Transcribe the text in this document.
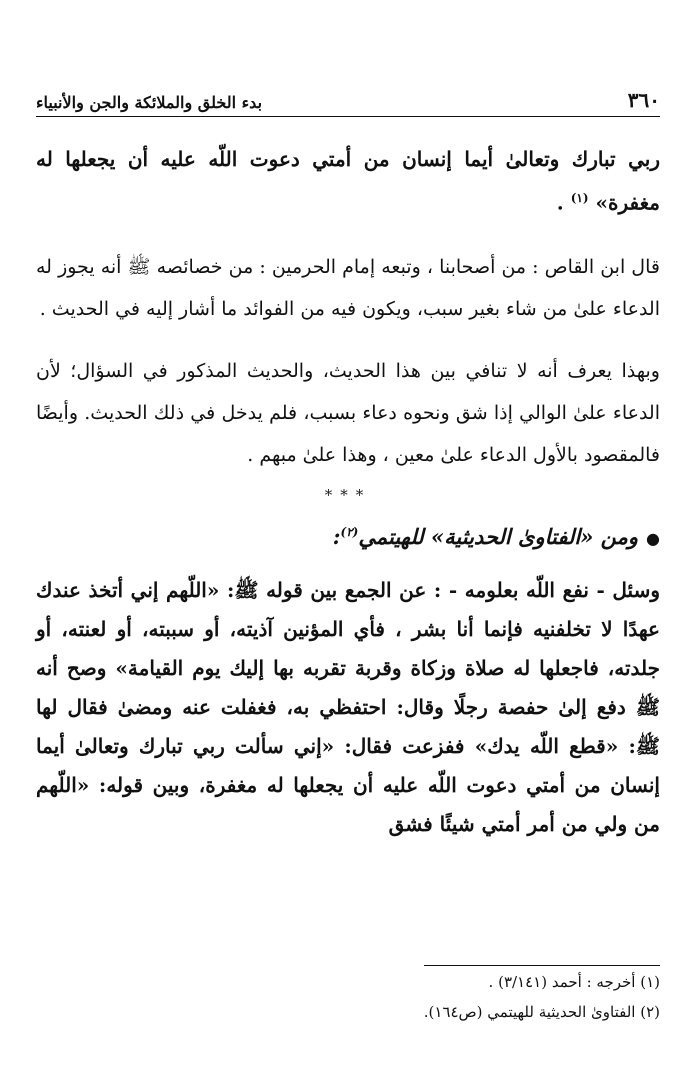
٣٦٠
بدء الخلق والملائكة والجن والأنبياء

ربي تبارك وتعالىٰ أيما إنسان من أمتي دعوت اللّه عليه أن يجعلها له مغفرة» $^{(١)}$ .

قال ابن القاص : من أصحابنا ، وتبعه إمام الحرمين : من خصائصه ﷺ أنه يجوز له الدعاء علىٰ من شاء بغير سبب، ويكون فيه من الفوائد ما أشار إليه في الحديث .

وبهذا يعرف أنه لا تنافي بين هذا الحديث، والحديث المذكور في السؤال؛ لأن الدعاء علىٰ الوالي إذا شق ونحوه دعاء بسبب، فلم يدخل في ذلك الحديث. وأيضًا فالمقصود بالأول الدعاء علىٰ معين ، وهذا علىٰ مبهم .

***

●ومن «الفتاوىٰ الحديثية» للهيتمي$^{(٢)}$:

وسئل - نفع اللّه بعلومه - : عن الجمع بين قوله ﷺ: «اللّهم إني أتخذ عندك عهدًا لا تخلفنيه فإنما أنا بشر ، فأي المؤنين آذيته، أو سببته، أو لعنته، أو جلدته، فاجعلها له صلاة وزكاة وقربة تقربه بها إليك يوم القيامة» وصح أنه ﷺ دفع إلىٰ حفصة رجلًا وقال: احتفظي به، فغفلت عنه ومضىٰ فقال لها ﷺ: «قطع اللّه يدك» ففزعت فقال: «إني سألت ربي تبارك وتعالىٰ أيما إنسان من أمتي دعوت اللّه عليه أن يجعلها له مغفرة، وبين قوله: «اللّهم من ولي من أمر أمتي شيئًا فشق

(١) أخرجه : أحمد (٣/١٤١) .

(٢) الفتاوىٰ الحديثية للهيتمي (ص١٦٤).
